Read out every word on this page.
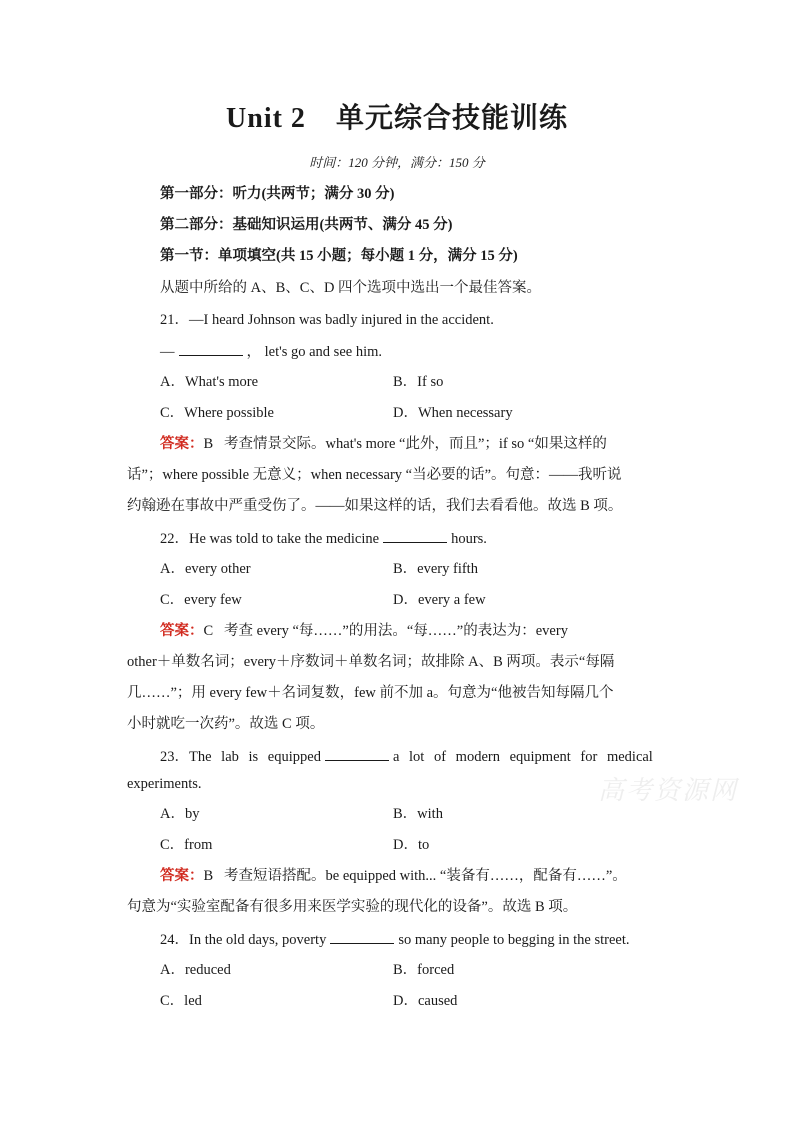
Unit 2 单元综合技能训练
时间：120 分钟，满分：150 分
第一部分：听力(共两节；满分 30 分)
第二部分：基础知识运用(共两节、满分 45 分)
第一节：单项填空(共 15 小题；每小题 1 分，满分 15 分)
从题中所给的 A、B、C、D 四个选项中选出一个最佳答案。
21．—I heard Johnson was badly injured in the accident.
—	， let's go and see him.
A．What's more	B．If so
C．Where possible	D．When necessary
答案：B 考查情景交际。what's more “此外，而且”；if so “如果这样的
话”；where possible 无意义；when necessary “当必要的话”。句意：——我听说
约翰逊在事故中严重受伤了。——如果这样的话，我们去看看他。故选 B 项。
22．He was told to take the medicine	hours.
A．every other	B．every fifth
C．every few	D．every a few
答案：C 考查 every “每……”的用法。“每……”的表达为：every
other＋单数名词；every＋序数词＋单数名词；故排除 A、B 两项。表示“每隔
几……”；用 every few＋名词复数，few 前不加 a。句意为“他被告知每隔几个
小时就吃一次药”。故选 C 项。
23．The lab is equipped	a lot of modern equipment for medical
experiments.
A．by	B．with
C．from	D．to
答案：B 考查短语搭配。be equipped with... “装备有……，配备有……”。
句意为“实验室配备有很多用来医学实验的现代化的设备”。故选 B 项。
24．In the old days, poverty	so many people to begging in the street.
A．reduced	B．forced
C．led	D．caused
高考资源网
